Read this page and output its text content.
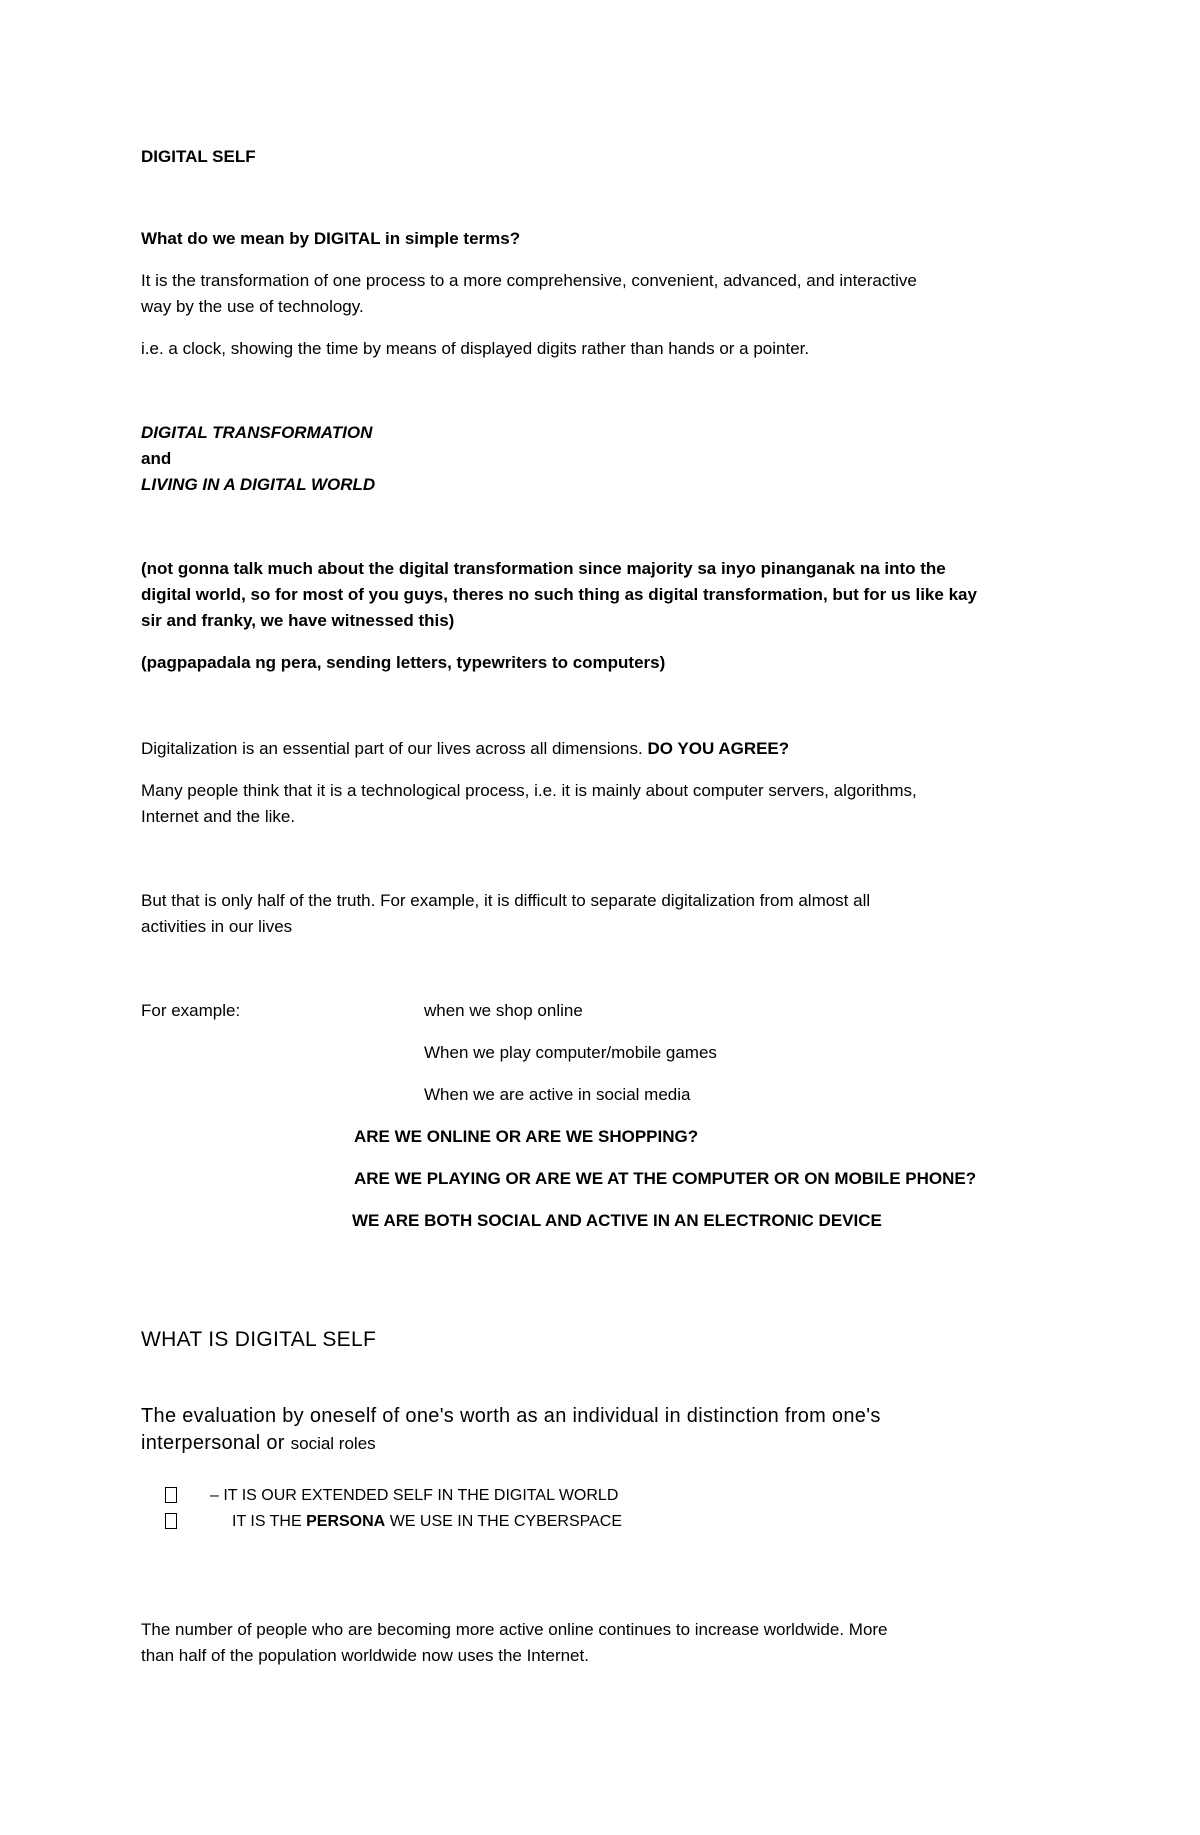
DIGITAL SELF

What do we mean by DIGITAL in simple terms?

It is the transformation of one process to a more comprehensive, convenient, advanced, and interactive

way by the use of technology.

i.e. a clock, showing the time by means of displayed digits rather than hands or a pointer.

DIGITAL TRANSFORMATION

and

LIVING IN A DIGITAL WORLD

(not gonna talk much about the digital transformation since majority sa inyo pinanganak na into the

digital world, so for most of you guys, theres no such thing as digital transformation, but for us like kay

sir and franky, we have witnessed this)

(pagpapadala ng pera, sending letters, typewriters to computers)

Digitalization is an essential part of our lives across all dimensions. DO YOU AGREE?

Many people think that it is a technological process, i.e. it is mainly about computer servers, algorithms,

Internet and the like.

But that is only half of the truth. For example, it is difficult to separate digitalization from almost all

activities in our lives

For example:	when we shop online

When we play computer/mobile games

When we are active in social media

ARE WE ONLINE OR ARE WE SHOPPING?

ARE WE PLAYING OR ARE WE AT THE COMPUTER OR ON MOBILE PHONE?

WE ARE BOTH SOCIAL AND ACTIVE IN AN ELECTRONIC DEVICE

WHAT IS DIGITAL SELF

The evaluation by oneself of one's worth as an individual in distinction from one's

interpersonal or social roles

– IT IS OUR EXTENDED SELF IN THE DIGITAL WORLD

IT IS THE PERSONA WE USE IN THE CYBERSPACE

The number of people who are becoming more active online continues to increase worldwide. More

than half of the population worldwide now uses the Internet.
